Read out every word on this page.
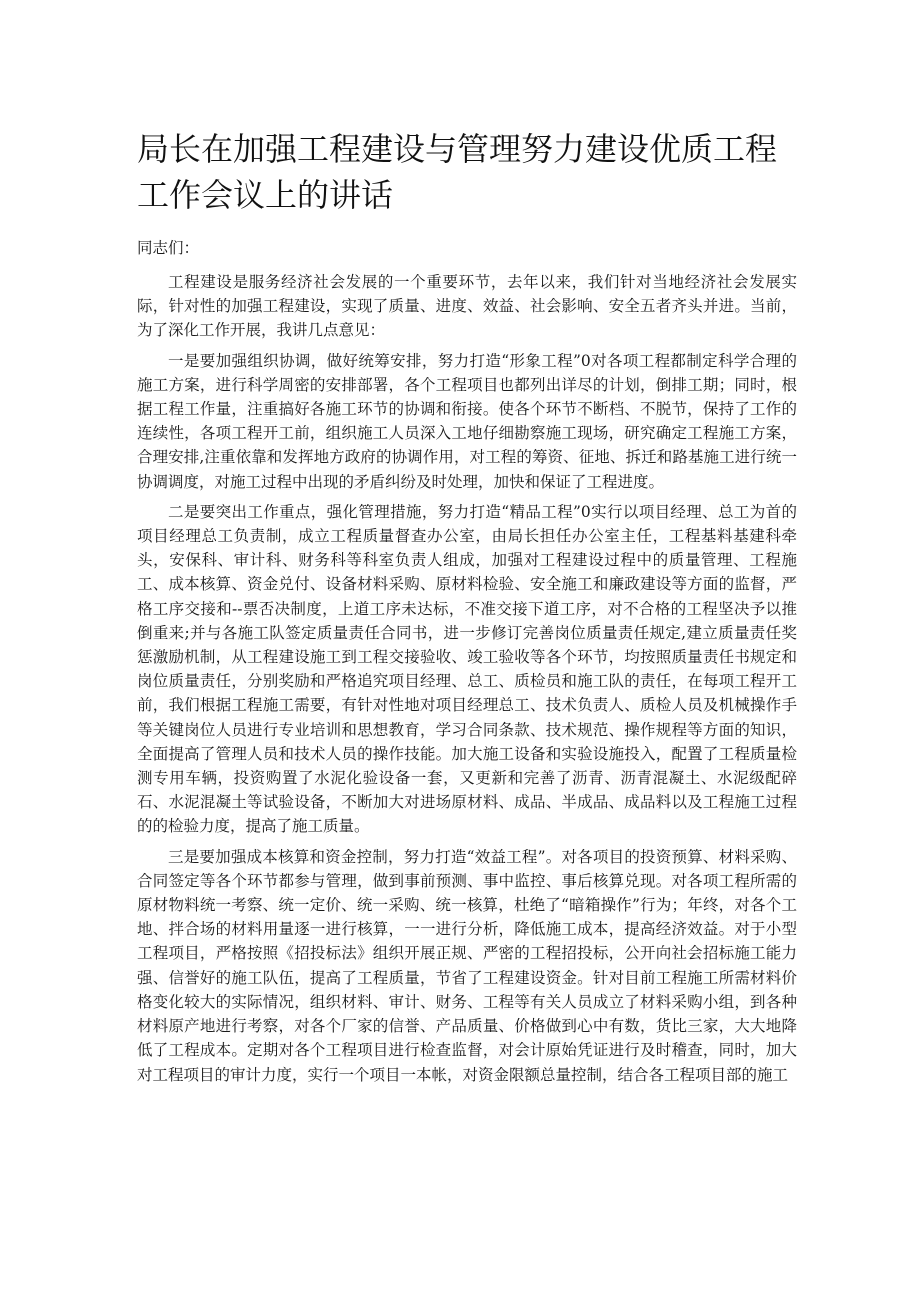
局长在加强工程建设与管理努力建设优质工程工作会议上的讲话

同志们：

工程建设是服务经济社会发展的一个重要环节，去年以来，我们针对当地经济社会发展实际，针对性的加强工程建设，实现了质量、进度、效益、社会影响、安全五者齐头并进。当前，为了深化工作开展，我讲几点意见：

一是要加强组织协调，做好统筹安排，努力打造“形象工程”0对各项工程都制定科学合理的施工方案，进行科学周密的安排部署，各个工程项目也都列出详尽的计划，倒排工期；同时，根据工程工作量，注重搞好各施工环节的协调和衔接。使各个环节不断档、不脱节，保持了工作的连续性，各项工程开工前，组织施工人员深入工地仔细勘察施工现场，研究确定工程施工方案，合理安排,注重依靠和发挥地方政府的协调作用，对工程的筹资、征地、拆迁和路基施工进行统一协调调度，对施工过程中出现的矛盾纠纷及时处理，加快和保证了工程进度。

二是要突出工作重点，强化管理措施，努力打造“精品工程”0实行以项目经理、总工为首的项目经理总工负责制，成立工程质量督查办公室，由局长担任办公室主任，工程基料基建科牵头，安保科、审计科、财务科等科室负责人组成，加强对工程建设过程中的质量管理、工程施工、成本核算、资金兑付、设备材料采购、原材料检验、安全施工和廉政建设等方面的监督，严格工序交接和--票否决制度，上道工序未达标，不准交接下道工序，对不合格的工程坚决予以推倒重来;并与各施工队签定质量责任合同书，进一步修订完善岗位质量责任规定,建立质量责任奖惩激励机制，从工程建设施工到工程交接验收、竣工验收等各个环节，均按照质量责任书规定和岗位质量责任，分别奖励和严格追究项目经理、总工、质检员和施工队的责任，在每项工程开工前，我们根据工程施工需要，有针对性地对项目经理总工、技术负责人、质检人员及机械操作手等关键岗位人员进行专业培训和思想教育，学习合同条款、技术规范、操作规程等方面的知识，全面提高了管理人员和技术人员的操作技能。加大施工设备和实验设施投入，配置了工程质量检测专用车辆，投资购置了水泥化验设备一套，又更新和完善了沥青、沥青混凝土、水泥级配碎石、水泥混凝土等试验设备，不断加大对进场原材料、成品、半成品、成品料以及工程施工过程的的检验力度，提高了施工质量。

三是要加强成本核算和资金控制，努力打造“效益工程”。对各项目的投资预算、材料采购、合同签定等各个环节都参与管理，做到事前预测、事中监控、事后核算兑现。对各项工程所需的原材物料统一考察、统一定价、统一采购、统一核算，杜绝了“暗箱操作”行为；年终，对各个工地、拌合场的材料用量逐一进行核算，一一进行分析，降低施工成本，提高经济效益。对于小型工程项目，严格按照《招投标法》组织开展正规、严密的工程招投标，公开向社会招标施工能力强、信誉好的施工队伍，提高了工程质量，节省了工程建设资金。针对目前工程施工所需材料价格变化较大的实际情况，组织材料、审计、财务、工程等有关人员成立了材料采购小组，到各种材料原产地进行考察，对各个厂家的信誉、产品质量、价格做到心中有数，货比三家，大大地降低了工程成本。定期对各个工程项目进行检查监督，对会计原始凭证进行及时稽查，同时，加大对工程项目的审计力度，实行一个项目一本帐，对资金限额总量控制，结合各工程项目部的施工
